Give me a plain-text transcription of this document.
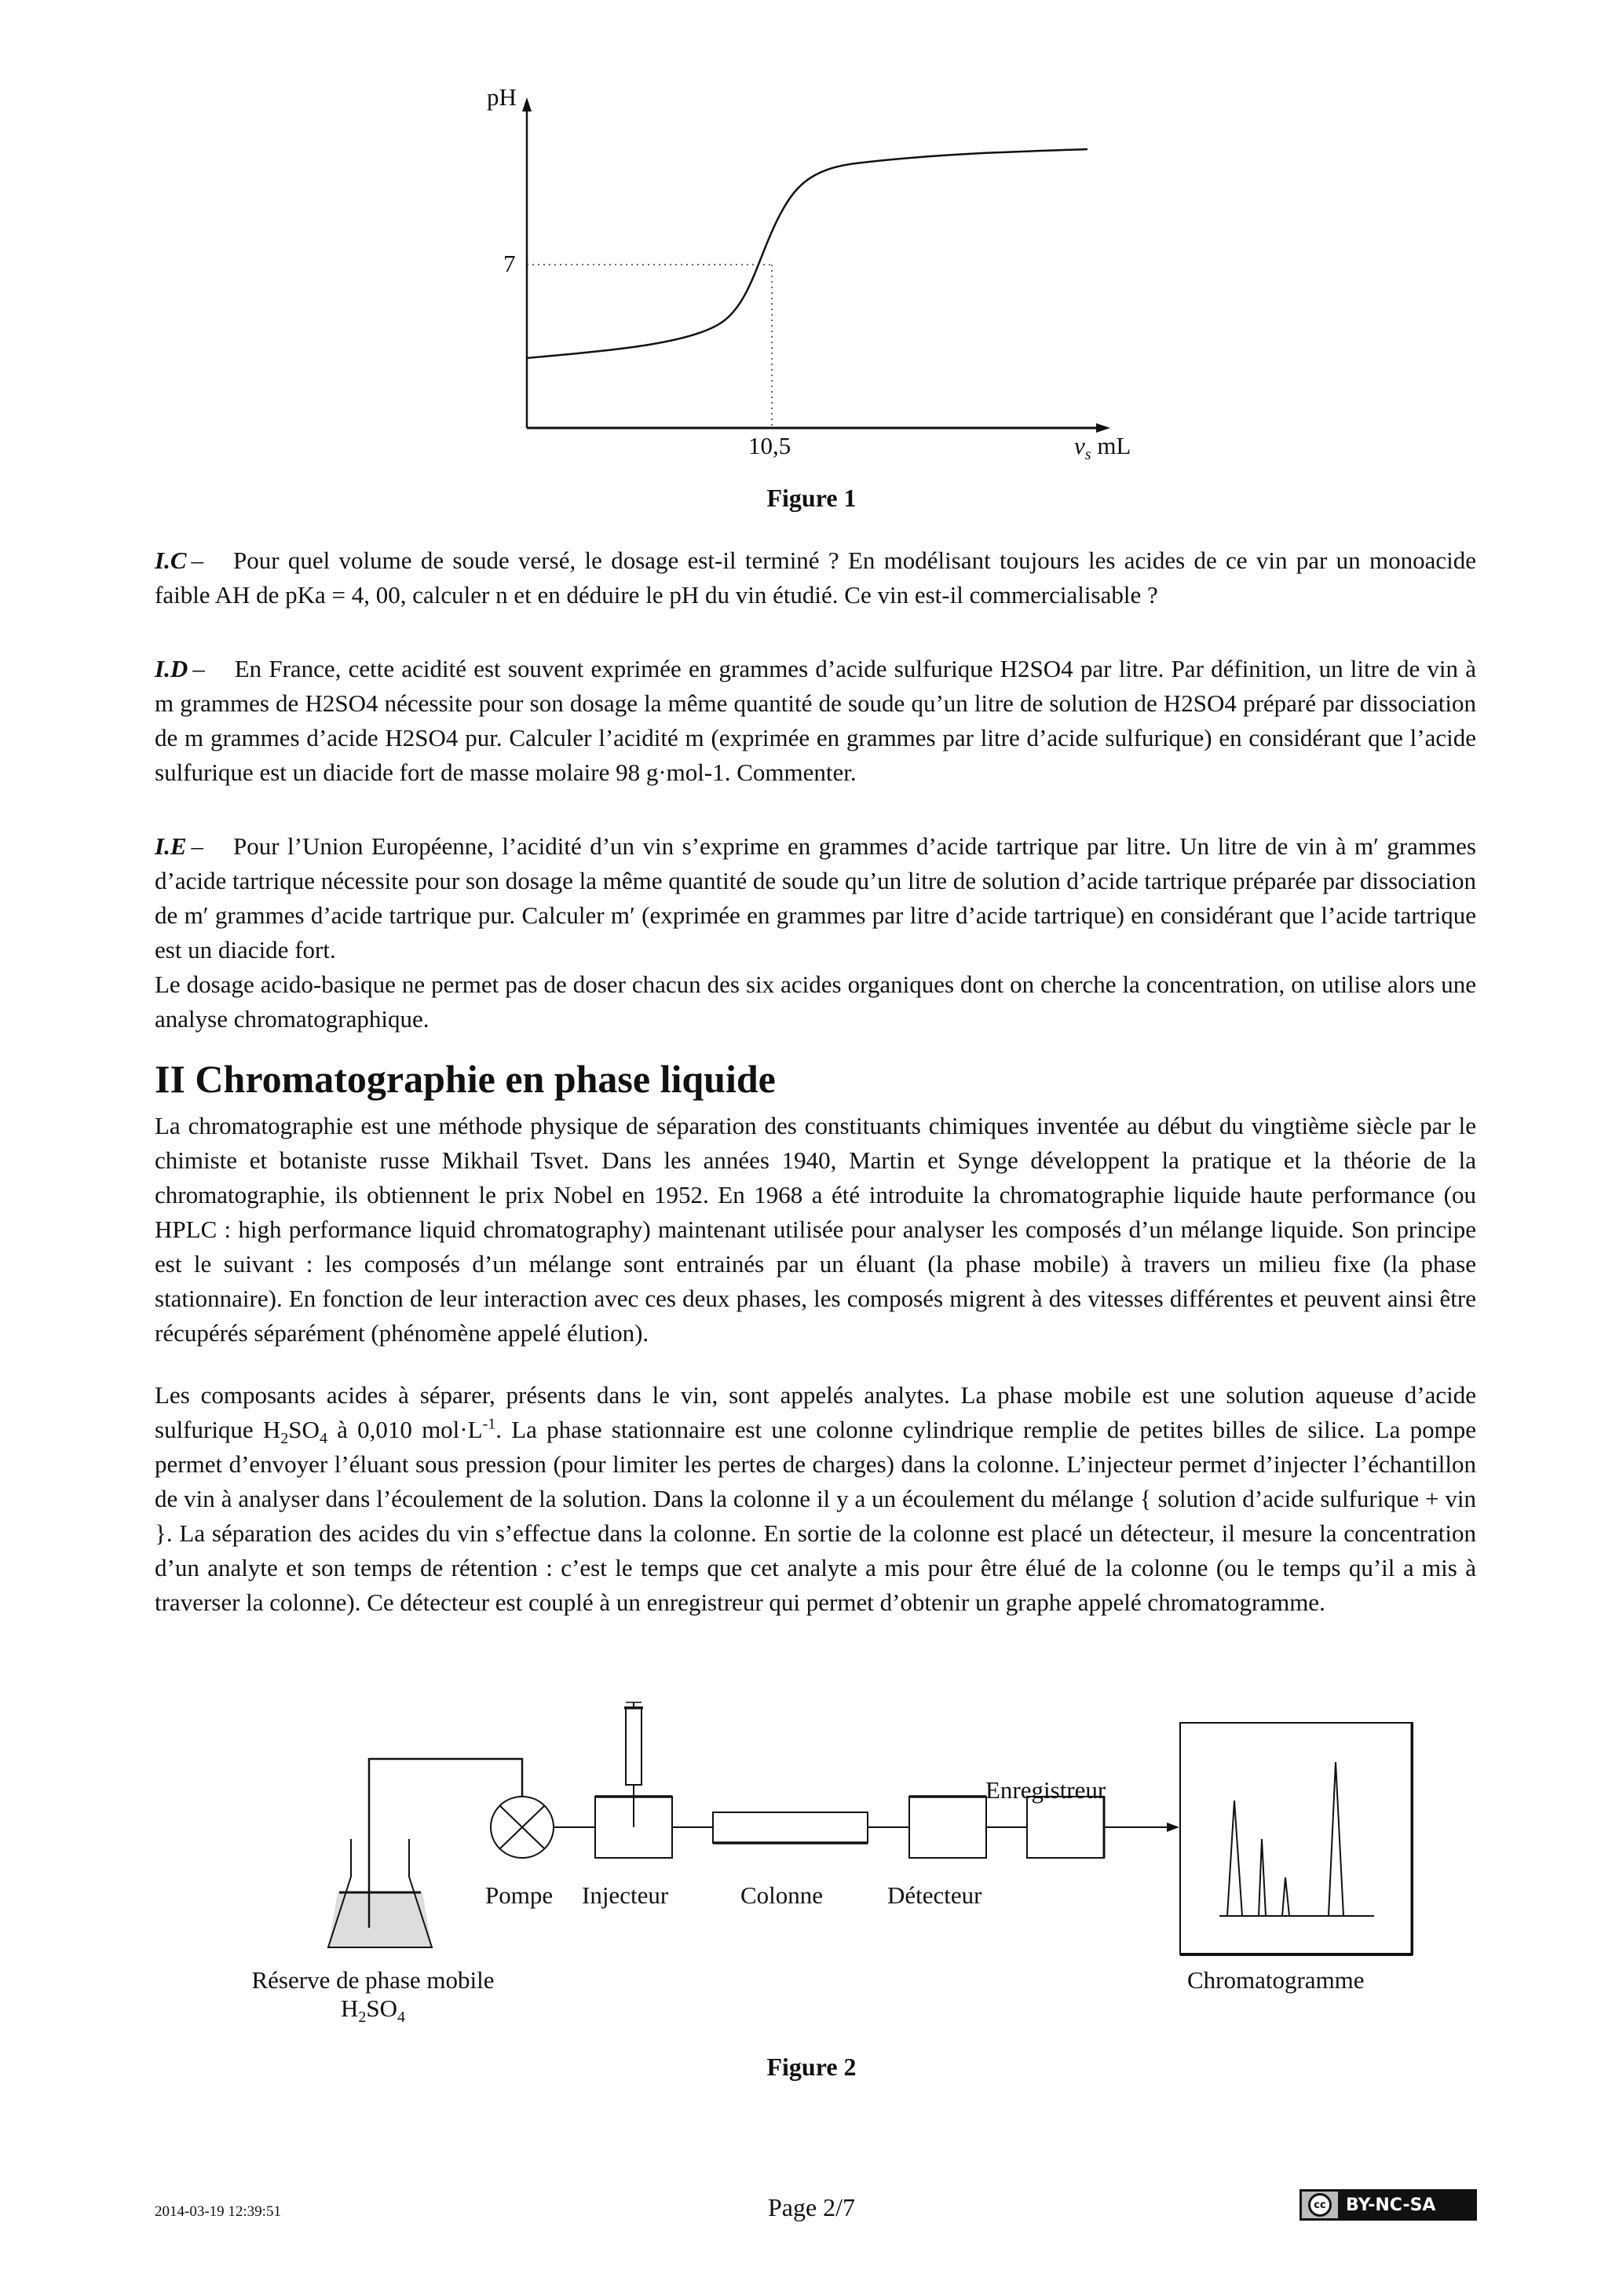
pH
7
10,5	$v_s$ mL
Figure 1
I.C – Pour quel volume de soude versé, le dosage est-il terminé ? En modélisant toujours les acides de ce vin par un monoacide faible AH de pKa = 4, 00, calculer n et en déduire le pH du vin étudié. Ce vin est-il commercialisable ?
I.D – En France, cette acidité est souvent exprimée en grammes d’acide sulfurique H2SO4 par litre. Par définition, un litre de vin à m grammes de H2SO4 nécessite pour son dosage la même quantité de soude qu’un litre de solution de H2SO4 préparé par dissociation de m grammes d’acide H2SO4 pur. Calculer l’acidité m (exprimée en grammes par litre d’acide sulfurique) en considérant que l’acide sulfurique est un diacide fort de masse molaire 98 g·mol-1. Commenter.
I.E – Pour l’Union Européenne, l’acidité d’un vin s’exprime en grammes d’acide tartrique par litre. Un litre de vin à m′ grammes d’acide tartrique nécessite pour son dosage la même quantité de soude qu’un litre de solution d’acide tartrique préparée par dissociation de m′ grammes d’acide tartrique pur. Calculer m′ (exprimée en grammes par litre d’acide tartrique) en considérant que l’acide tartrique est un diacide fort.
Le dosage acido-basique ne permet pas de doser chacun des six acides organiques dont on cherche la concentration, on utilise alors une analyse chromatographique.
II Chromatographie en phase liquide
La chromatographie est une méthode physique de séparation des constituants chimiques inventée au début du vingtième siècle par le chimiste et botaniste russe Mikhail Tsvet. Dans les années 1940, Martin et Synge développent la pratique et la théorie de la chromatographie, ils obtiennent le prix Nobel en 1952. En 1968 a été introduite la chromatographie liquide haute performance (ou HPLC : high performance liquid chromatography) maintenant utilisée pour analyser les composés d’un mélange liquide. Son principe est le suivant : les composés d’un mélange sont entrainés par un éluant (la phase mobile) à travers un milieu fixe (la phase stationnaire). En fonction de leur interaction avec ces deux phases, les composés migrent à des vitesses différentes et peuvent ainsi être récupérés séparément (phénomène appelé élution).
Les composants acides à séparer, présents dans le vin, sont appelés analytes. La phase mobile est une solution aqueuse d’acide sulfurique $H_2SO_4$ à 0,010 $mol\cdot L^{-1}$. La phase stationnaire est une colonne cylindrique remplie de petites billes de silice. La pompe permet d’envoyer l’éluant sous pression (pour limiter les pertes de charges) dans la colonne. L’injecteur permet d’injecter l’échantillon de vin à analyser dans l’écoulement de la solution. Dans la colonne il y a un écoulement du mélange { solution d’acide sulfurique + vin }. La séparation des acides du vin s’effectue dans la colonne. En sortie de la colonne est placé un détecteur, il mesure la concentration d’un analyte et son temps de rétention : c’est le temps que cet analyte a mis pour être élué de la colonne (ou le temps qu’il a mis à traverser la colonne). Ce détecteur est couplé à un enregistreur qui permet d’obtenir un graphe appelé chromatogramme.
Pompe Injecteur	Colonne	Détecteur
Enregistreur
Chromatogramme
Réserve de phase mobile
$H_2SO_4$
Figure 2
2014-03-19 12:39:51	Page 2/7	cc	BY-NC-SA
